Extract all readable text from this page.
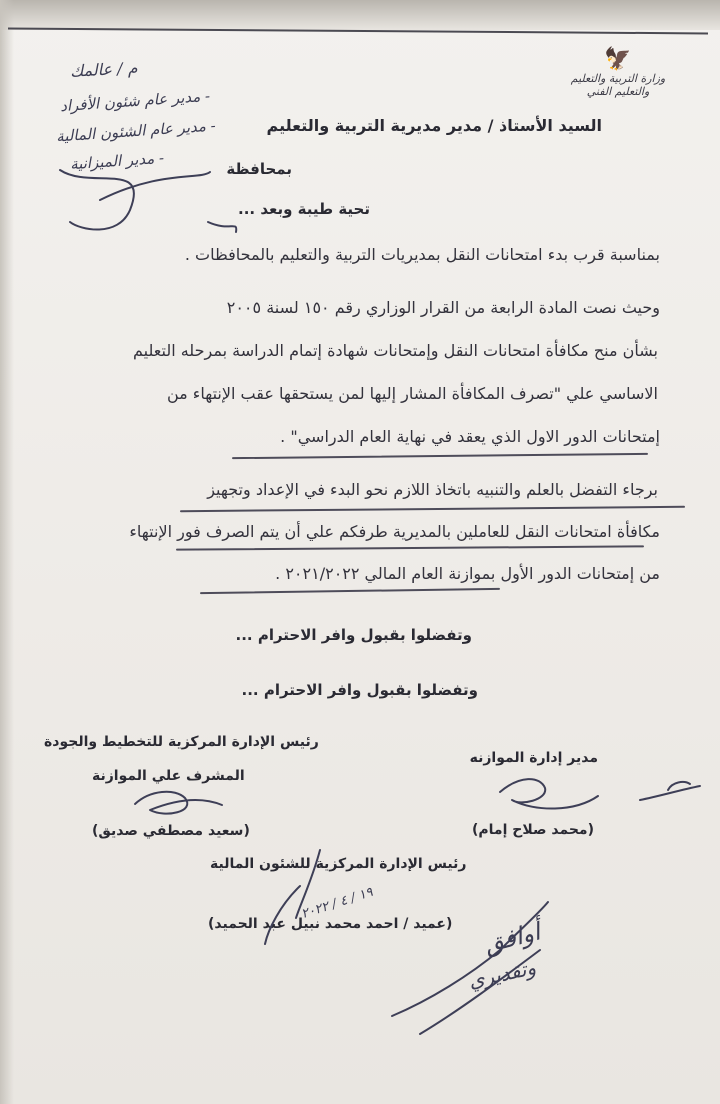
🦅
وزارة التربية والتعليم
والتعليم الفني
م / عالمك
- مدير عام شئون الأفراد
- مدير عام الشئون المالية
- مدير الميزانية
السيد الأستاذ / مدير مديرية التربية والتعليم
بمحافظة
تحية طيبة وبعد ...
بمناسبة قرب بدء امتحانات النقل بمديريات التربية والتعليم بالمحافظات .
وحيث نصت المادة الرابعة من القرار الوزاري رقم ١٥٠ لسنة ٢٠٠٥
بشأن منح مكافأة امتحانات النقل وإمتحانات شهادة إتمام الدراسة بمرحله التعليم
الاساسي علي "تصرف المكافأة المشار إليها لمن يستحقها عقب الإنتهاء من
إمتحانات الدور الاول الذي يعقد في نهاية العام الدراسي" .
برجاء التفضل بالعلم والتنبيه باتخاذ اللازم نحو البدء في الإعداد وتجهيز
مكافأة امتحانات النقل للعاملين بالمديرية طرفكم علي أن يتم الصرف فور الإنتهاء
من إمتحانات الدور الأول بموازنة العام المالي ٢٠٢١/٢٠٢٢ .
وتفضلوا بقبول وافر الاحترام ...
وتفضلوا بقبول وافر الاحترام ...
مدير إدارة الموازنه
(محمد صلاح إمام)
رئيس الإدارة المركزية للتخطيط والجودة
المشرف علي الموازنة
(سعيد مصطفي صديق)
رئيس الإدارة المركزية للشئون المالية
(عميد / احمد محمد نبيل عبد الحميد)
١٩ / ٤ / ٢٠٢٢
أوافق
وتقديري
